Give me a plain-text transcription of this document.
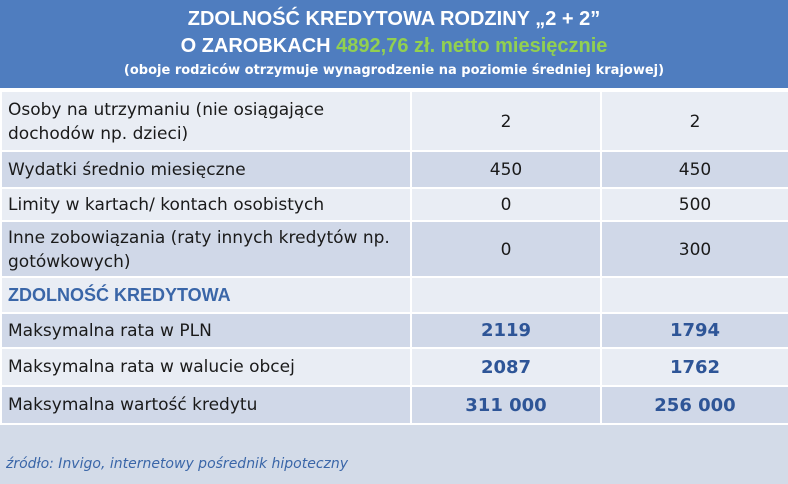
ZDOLNOŚĆ KREDYTOWA RODZINY „2 + 2”
O ZAROBKACH 4892,76 zł. netto miesięcznie
(oboje rodziców otrzymuje wynagrodzenie na poziomie średniej krajowej)
Osoby na utrzymaniu (nie osiągające dochodów np. dzieci)	2	2
Wydatki średnio miesięczne	450	450
Limity w kartach/ kontach osobistych	0	500
Inne zobowiązania (raty innych kredytów np. gotówkowych)	0	300
ZDOLNOŚĆ KREDYTOWA		
Maksymalna rata w PLN	2119	1794
Maksymalna rata w walucie obcej	2087	1762
Maksymalna wartość kredytu	311 000	256 000
źródło: Invigo, internetowy pośrednik hipoteczny
